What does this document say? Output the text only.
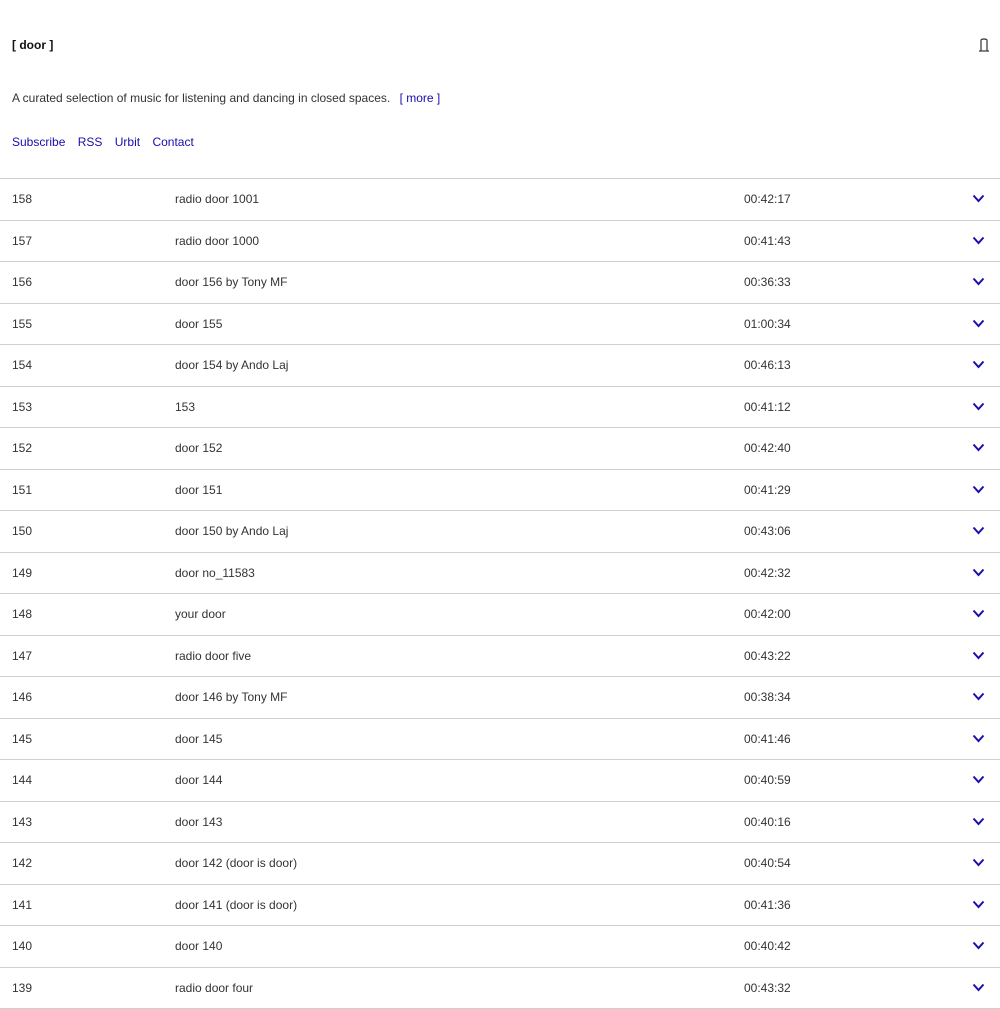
[ door ]
A curated selection of music for listening and dancing in closed spaces. [ more ]
Subscribe RSS Urbit Contact
158	radio door 1001	00:42:17
157	radio door 1000	00:41:43
156	door 156 by Tony MF	00:36:33
155	door 155	01:00:34
154	door 154 by Ando Laj	00:46:13
153	153	00:41:12
152	door 152	00:42:40
151	door 151	00:41:29
150	door 150 by Ando Laj	00:43:06
149	door no_11583	00:42:32
148	your door	00:42:00
147	radio door five	00:43:22
146	door 146 by Tony MF	00:38:34
145	door 145	00:41:46
144	door 144	00:40:59
143	door 143	00:40:16
142	door 142 (door is door)	00:40:54
141	door 141 (door is door)	00:41:36
140	door 140	00:40:42
139	radio door four	00:43:32
